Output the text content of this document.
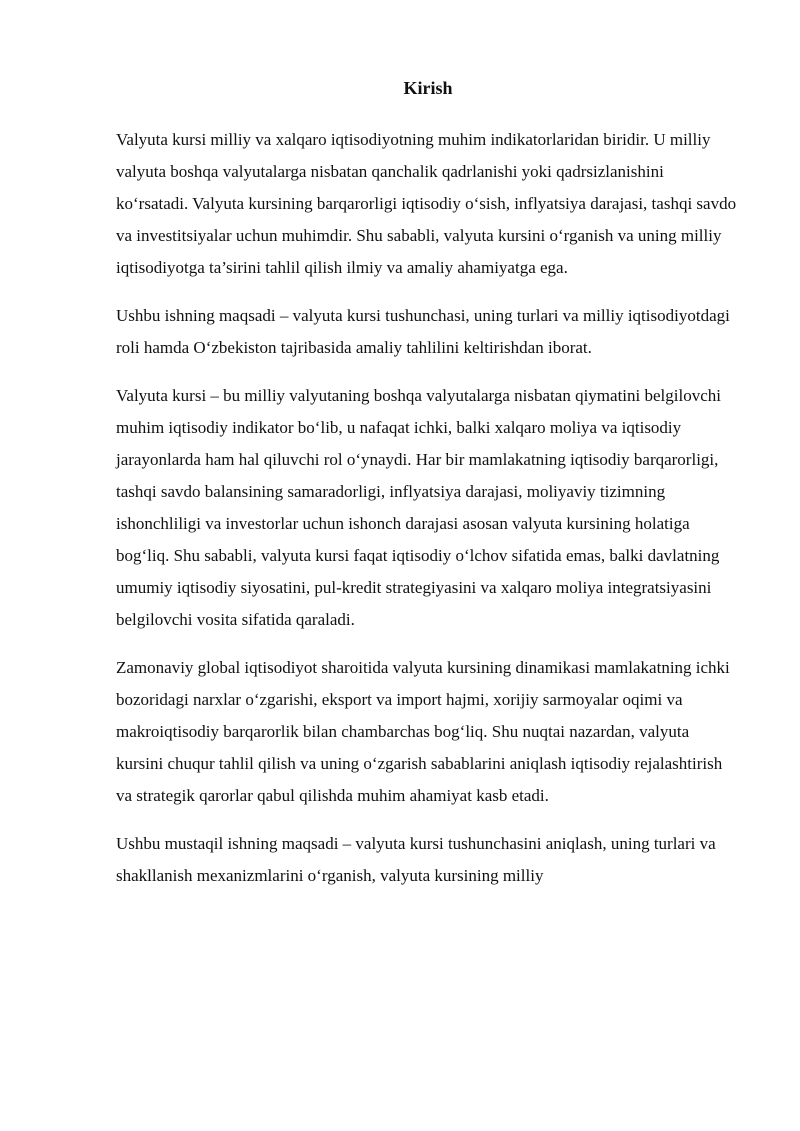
Kirish

Valyuta kursi milliy va xalqaro iqtisodiyotning muhim indikatorlaridan biridir. U milliy valyuta boshqa valyutalarga nisbatan qanchalik qadrlanishi yoki qadrsizlanishini ko‘rsatadi. Valyuta kursining barqarorligi iqtisodiy o‘sish, inflyatsiya darajasi, tashqi savdo va investitsiyalar uchun muhimdir. Shu sababli, valyuta kursini o‘rganish va uning milliy iqtisodiyotga ta’sirini tahlil qilish ilmiy va amaliy ahamiyatga ega.

Ushbu ishning maqsadi – valyuta kursi tushunchasi, uning turlari va milliy iqtisodiyotdagi roli hamda O‘zbekiston tajribasida amaliy tahlilini keltirishdan iborat.

Valyuta kursi – bu milliy valyutaning boshqa valyutalarga nisbatan qiymatini belgilovchi muhim iqtisodiy indikator bo‘lib, u nafaqat ichki, balki xalqaro moliya va iqtisodiy jarayonlarda ham hal qiluvchi rol o‘ynaydi. Har bir mamlakatning iqtisodiy barqarorligi, tashqi savdo balansining samaradorligi, inflyatsiya darajasi, moliyaviy tizimning ishonchliligi va investorlar uchun ishonch darajasi asosan valyuta kursining holatiga bog‘liq. Shu sababli, valyuta kursi faqat iqtisodiy o‘lchov sifatida emas, balki davlatning umumiy iqtisodiy siyosatini, pul-kredit strategiyasini va xalqaro moliya integratsiyasini belgilovchi vosita sifatida qaraladi.

Zamonaviy global iqtisodiyot sharoitida valyuta kursining dinamikasi mamlakatning ichki bozoridagi narxlar o‘zgarishi, eksport va import hajmi, xorijiy sarmoyalar oqimi va makroiqtisodiy barqarorlik bilan chambarchas bog‘liq. Shu nuqtai nazardan, valyuta kursini chuqur tahlil qilish va uning o‘zgarish sabablarini aniqlash iqtisodiy rejalashtirish va strategik qarorlar qabul qilishda muhim ahamiyat kasb etadi.

Ushbu mustaqil ishning maqsadi – valyuta kursi tushunchasini aniqlash, uning turlari va shakllanish mexanizmlarini o‘rganish, valyuta kursining milliy
